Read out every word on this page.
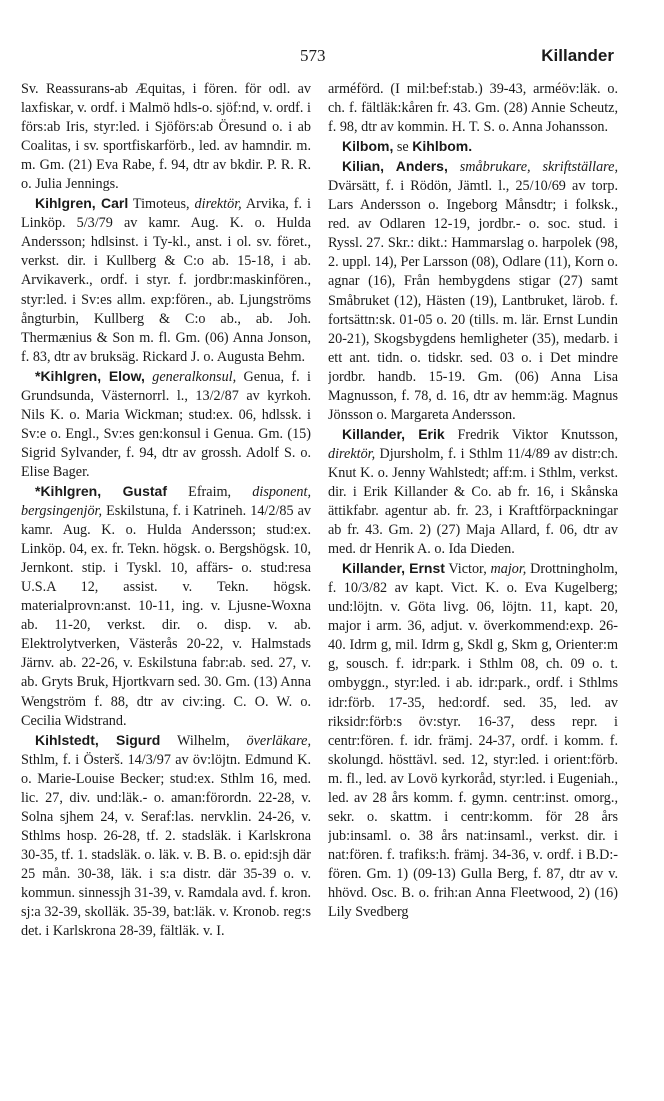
573	Killander

Sv. Reassurans-ab Æquitas, i fören. för odl. av laxfiskar, v. ordf. i Malmö hdls-o. sjöf:nd, v. ordf. i förs:ab Iris, styr:led. i Sjöförs:ab Öresund o. i ab Coalitas, i sv. sportfiskarförb., led. av hamndir. m. m. Gm. (21) Eva Rabe, f. 94, dtr av bkdir. P. R. R. o. Julia Jennings.

Kihlgren, Carl Timoteus, direktör, Arvika, f. i Linköp. 5/3/79 av kamr. Aug. K. o. Hulda Andersson; hdlsinst. i Ty-kl., anst. i ol. sv. föret., verkst. dir. i Kullberg & C:o ab. 15-18, i ab. Arvikaverk., ordf. i styr. f. jordbr:maskinfören., styr:led. i Sv:es allm. exp:fören., ab. Ljungströms ångturbin, Kullberg & C:o ab., ab. Joh. Thermænius & Son m. fl. Gm. (06) Anna Jonson, f. 83, dtr av bruksäg. Rickard J. o. Augusta Behm.

*Kihlgren, Elow, generalkonsul, Genua, f. i Grundsunda, Västernorrl. l., 13/2/87 av kyrkoh. Nils K. o. Maria Wickman; stud:ex. 06, hdlssk. i Sv:e o. Engl., Sv:es gen:konsul i Genua. Gm. (15) Sigrid Sylvander, f. 94, dtr av grossh. Adolf S. o. Elise Bager.

*Kihlgren, Gustaf Efraim, disponent, bergsingenjör, Eskilstuna, f. i Katrineh. 14/2/85 av kamr. Aug. K. o. Hulda Andersson; stud:ex. Linköp. 04, ex. fr. Tekn. högsk. o. Bergshögsk. 10, Jernkont. stip. i Tyskl. 10, affärs- o. stud:resa U.S.A 12, assist. v. Tekn. högsk. materialprovn:anst. 10-11, ing. v. Ljusne-Woxna ab. 11-20, verkst. dir. o. disp. v. ab. Elektrolytverken, Västerås 20-22, v. Halmstads Järnv. ab. 22-26, v. Eskilstuna fabr:ab. sed. 27, v. ab. Gryts Bruk, Hjortkvarn sed. 30. Gm. (13) Anna Wengström f. 88, dtr av civ:ing. C. O. W. o. Cecilia Widstrand.

Kihlstedt, Sigurd Wilhelm, överläkare, Sthlm, f. i Österš. 14/3/97 av öv:löjtn. Edmund K. o. Marie-Louise Becker; stud:ex. Sthlm 16, med. lic. 27, div. und:läk.- o. aman:förordn. 22-28, v. Solna sjhem 24, v. Seraf:las. nervklin. 24-26, v. Sthlms hosp. 26-28, tf. 2. stadsläk. i Karlskrona 30-35, tf. 1. stadsläk. o. läk. v. B. B. o. epid:sjh där 25 mån. 30-38, läk. i s:a distr. där 35-39 o. v. kommun. sinnessjh 31-39, v. Ramdala avd. f. kron. sj:a 32-39, skolläk. 35-39, bat:läk. v. Kronob. reg:s det. i Karlskrona 28-39, fältläk. v. I.

arméförd. (I mil:bef:stab.) 39-43, arméöv:läk. o. ch. f. fältläk:kåren fr. 43. Gm. (28) Annie Scheutz, f. 98, dtr av kommin. H. T. S. o. Anna Johansson.

Kilbom, se Kihlbom.

Kilian, Anders, småbrukare, skriftställare, Dvärsätt, f. i Rödön, Jämtl. l., 25/10/69 av torp. Lars Andersson o. Ingeborg Månsdtr; i folksk., red. av Odlaren 12-19, jordbr.- o. soc. stud. i Ryssl. 27. Skr.: dikt.: Hammarslag o. harpolek (98, 2. uppl. 14), Per Larsson (08), Odlare (11), Korn o. agnar (16), Från hembygdens stigar (27) samt Småbruket (12), Hästen (19), Lantbruket, lärob. f. fortsättn:sk. 01-05 o. 20 (tills. m. lär. Ernst Lundin 20-21), Skogsbygdens hemligheter (35), medarb. i ett ant. tidn. o. tidskr. sed. 03 o. i Det mindre jordbr. handb. 15-19. Gm. (06) Anna Lisa Magnusson, f. 78, d. 16, dtr av hemm:äg. Magnus Jönsson o. Margareta Andersson.

Killander, Erik Fredrik Viktor Knutsson, direktör, Djursholm, f. i Sthlm 11/4/89 av distr:ch. Knut K. o. Jenny Wahlstedt; aff:m. i Sthlm, verkst. dir. i Erik Killander & Co. ab fr. 16, i Skånska ättikfabr. agentur ab. fr. 23, i Kraftförpackningar ab fr. 43. Gm. 2) (27) Maja Allard, f. 06, dtr av med. dr Henrik A. o. Ida Dieden.

Killander, Ernst Victor, major, Drottningholm, f. 10/3/82 av kapt. Vict. K. o. Eva Kugelberg; und:löjtn. v. Göta livg. 06, löjtn. 11, kapt. 20, major i arm. 36, adjut. v. överkommend:exp. 26-40. Idrm g, mil. Idrm g, Skdl g, Skm g, Orienter:m g, sousch. f. idr:park. i Sthlm 08, ch. 09 o. t. ombyggn., styr:led. i ab. idr:park., ordf. i Sthlms idr:förb. 17-35, hed:ordf. sed. 35, led. av riksidr:förb:s öv:styr. 16-37, dess repr. i centr:fören. f. idr. främj. 24-37, ordf. i komm. f. skolungd. hösttävl. sed. 12, styr:led. i orient:förb. m. fl., led. av Lovö kyrkoråd, styr:led. i Eugeniah., led. av 28 års komm. f. gymn. centr:inst. omorg., sekr. o. skattm. i centr:komm. för 28 års jub:insaml. o. 38 års nat:insaml., verkst. dir. i nat:fören. f. trafiks:h. främj. 34-36, v. ordf. i B.D:-fören. Gm. 1) (09-13) Gulla Berg, f. 87, dtr av v. hhövd. Osc. B. o. frih:an Anna Fleetwood, 2) (16) Lily Svedberg
